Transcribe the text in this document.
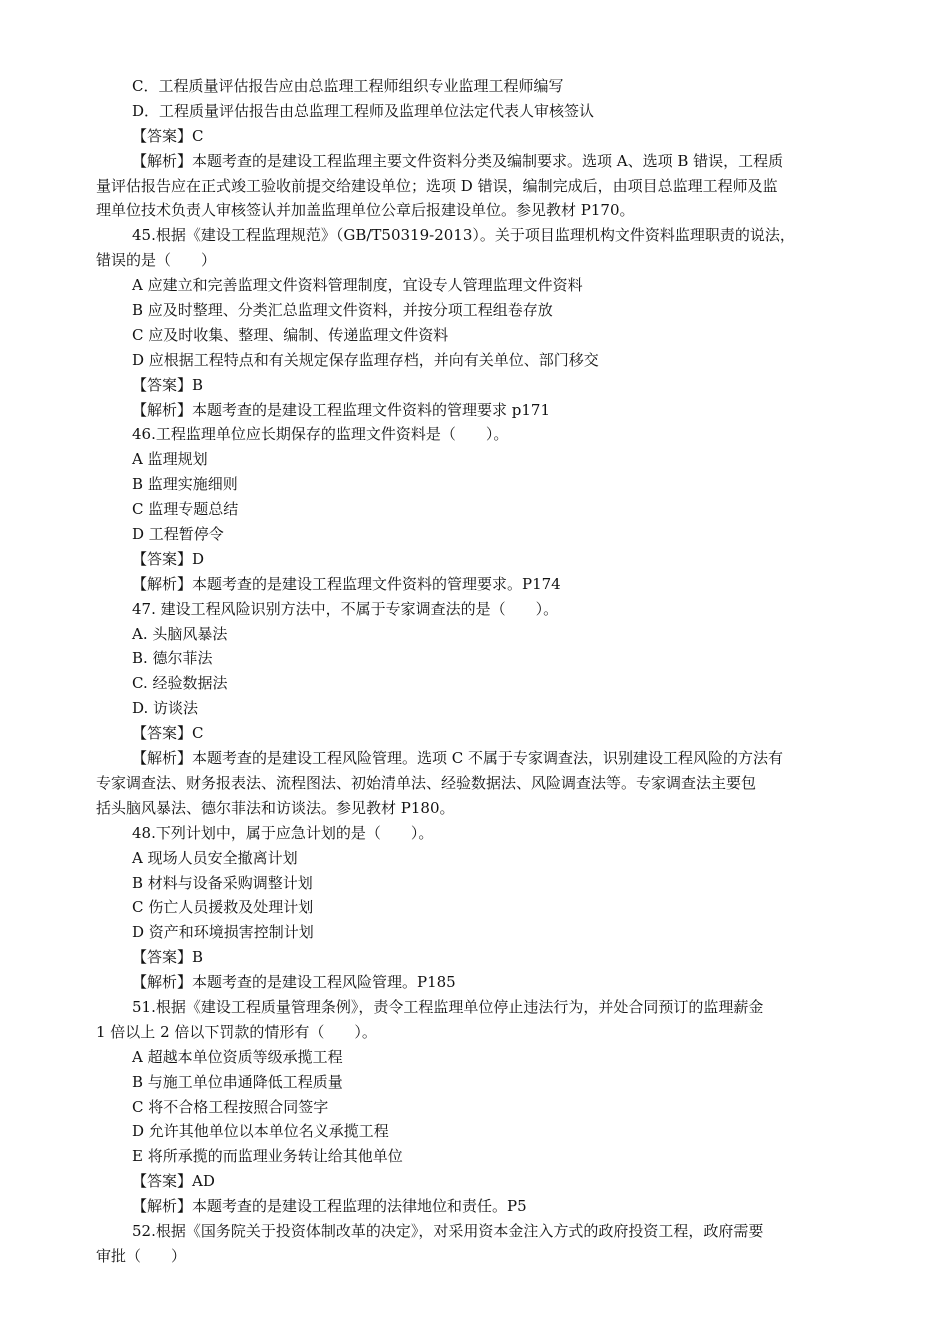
C．工程质量评估报告应由总监理工程师组织专业监理工程师编写
D．工程质量评估报告由总监理工程师及监理单位法定代表人审核签认
【答案】C
【解析】本题考查的是建设工程监理主要文件资料分类及编制要求。选项 A、选项 B 错误，工程质
量评估报告应在正式竣工验收前提交给建设单位；选项 D 错误，编制完成后，由项目总监理工程师及监
理单位技术负责人审核签认并加盖监理单位公章后报建设单位。参见教材 P170。
45.根据《建设工程监理规范》（GB/T50319-2013）。关于项目监理机构文件资料监理职责的说法，
错误的是（　　）
A 应建立和完善监理文件资料管理制度，宜设专人管理监理文件资料
B 应及时整理、分类汇总监理文件资料，并按分项工程组卷存放
C 应及时收集、整理、编制、传递监理文件资料
D 应根据工程特点和有关规定保存监理存档，并向有关单位、部门移交
【答案】B
【解析】本题考查的是建设工程监理文件资料的管理要求 p171
46.工程监理单位应长期保存的监理文件资料是（　　）。
A 监理规划
B 监理实施细则
C 监理专题总结
D 工程暂停令
【答案】D
【解析】本题考查的是建设工程监理文件资料的管理要求。P174
47. 建设工程风险识别方法中，不属于专家调查法的是（　　）。
A. 头脑风暴法
B. 德尔菲法
C. 经验数据法
D. 访谈法
【答案】C
【解析】本题考查的是建设工程风险管理。选项 C 不属于专家调查法，识别建设工程风险的方法有
专家调查法、财务报表法、流程图法、初始清单法、经验数据法、风险调查法等。专家调查法主要包
括头脑风暴法、德尔菲法和访谈法。参见教材 P180。
48.下列计划中，属于应急计划的是（　　）。
A 现场人员安全撤离计划
B 材料与设备采购调整计划
C 伤亡人员援救及处理计划
D 资产和环境损害控制计划
【答案】B
【解析】本题考查的是建设工程风险管理。P185
51.根据《建设工程质量管理条例》，责令工程监理单位停止违法行为，并处合同预订的监理薪金
1 倍以上 2 倍以下罚款的情形有（　　）。
A 超越本单位资质等级承揽工程
B 与施工单位串通降低工程质量
C 将不合格工程按照合同签字
D 允许其他单位以本单位名义承揽工程
E 将所承揽的而监理业务转让给其他单位
【答案】AD
【解析】本题考查的是建设工程监理的法律地位和责任。P5
52.根据《国务院关于投资体制改革的决定》，对采用资本金注入方式的政府投资工程，政府需要
审批（　　）
